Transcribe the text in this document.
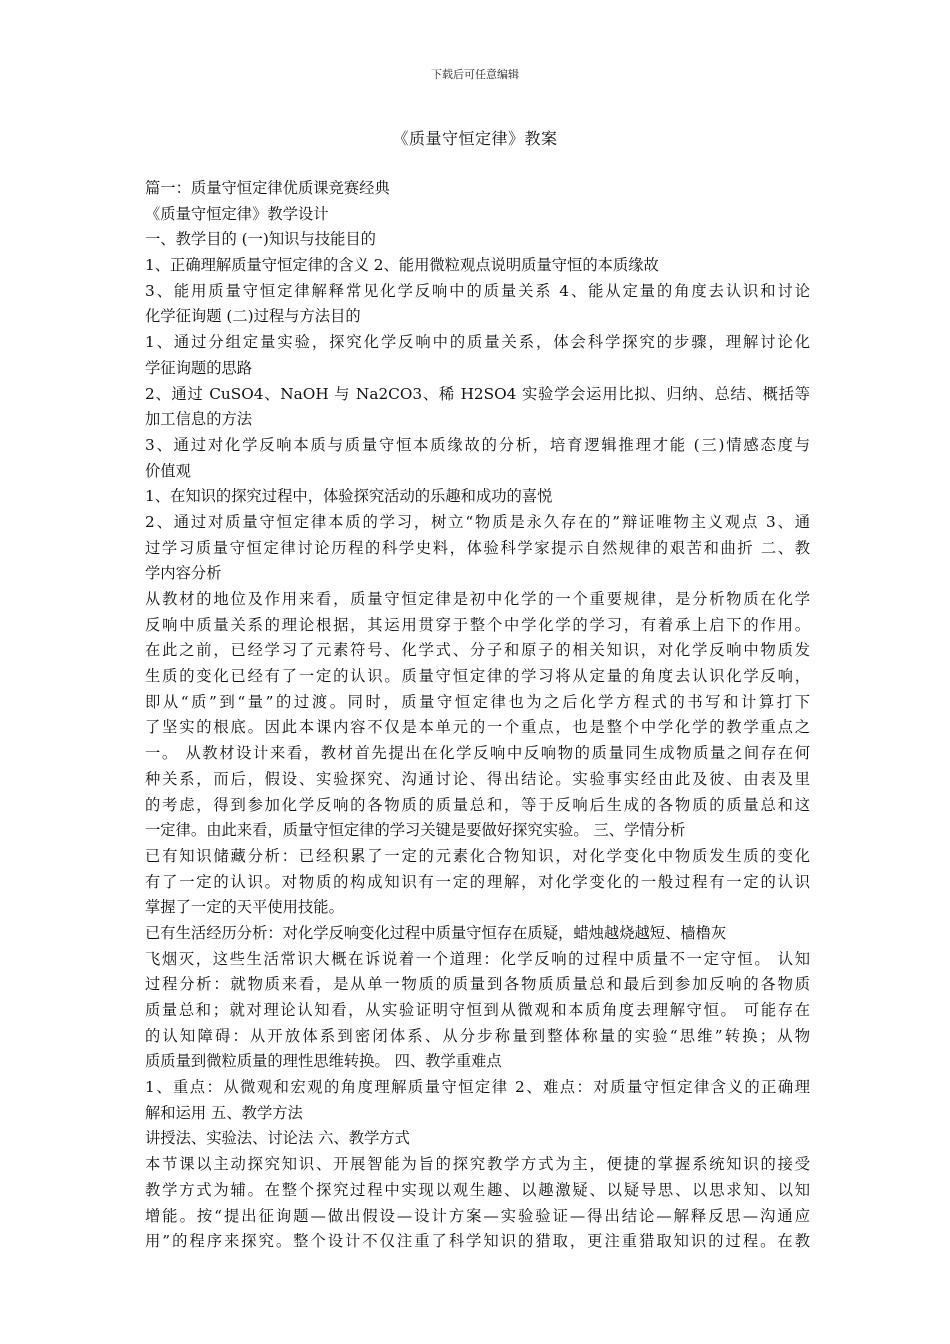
下载后可任意编辑
《质量守恒定律》教案
篇一：质量守恒定律优质课竞赛经典
《质量守恒定律》教学设计
一、教学目的 (一)知识与技能目的
1、正确理解质量守恒定律的含义 2、能用微粒观点说明质量守恒的本质缘故
3、能用质量守恒定律解释常见化学反响中的质量关系 4、能从定量的角度去认识和讨论
化学征询题 (二)过程与方法目的
1、通过分组定量实验，探究化学反响中的质量关系，体会科学探究的步骤，理解讨论化
学征询题的思路
2、通过 CuSO4、NaOH 与 Na2CO3、稀 H2SO4 实验学会运用比拟、归纳、总结、概括等
加工信息的方法
3、通过对化学反响本质与质量守恒本质缘故的分析，培育逻辑推理才能 (三)情感态度与
价值观
1、在知识的探究过程中，体验探究活动的乐趣和成功的喜悦
2、通过对质量守恒定律本质的学习，树立“物质是永久存在的”辩证唯物主义观点 3、通
过学习质量守恒定律讨论历程的科学史料，体验科学家提示自然规律的艰苦和曲折 二、教
学内容分析
从教材的地位及作用来看，质量守恒定律是初中化学的一个重要规律，是分析物质在化学
反响中质量关系的理论根据，其运用贯穿于整个中学化学的学习，有着承上启下的作用。
在此之前，已经学习了元素符号、化学式、分子和原子的相关知识，对化学反响中物质发
生质的变化已经有了一定的认识。质量守恒定律的学习将从定量的角度去认识化学反响，
即从“质”到“量”的过渡。同时，质量守恒定律也为之后化学方程式的书写和计算打下
了坚实的根底。因此本课内容不仅是本单元的一个重点，也是整个中学化学的教学重点之
一。 从教材设计来看，教材首先提出在化学反响中反响物的质量同生成物质量之间存在何
种关系，而后，假设、实验探究、沟通讨论、得出结论。实验事实经由此及彼、由表及里
的考虑，得到参加化学反响的各物质的质量总和，等于反响后生成的各物质的质量总和这
一定律。由此来看，质量守恒定律的学习关键是要做好探究实验。 三、学情分析
已有知识储藏分析：已经积累了一定的元素化合物知识，对化学变化中物质发生质的变化
有了一定的认识。对物质的构成知识有一定的理解，对化学变化的一般过程有一定的认识
掌握了一定的天平使用技能。
已有生活经历分析：对化学反响变化过程中质量守恒存在质疑，蜡烛越烧越短、樯橹灰
飞烟灭，这些生活常识大概在诉说着一个道理：化学反响的过程中质量不一定守恒。 认知
过程分析：就物质来看，是从单一物质的质量到各物质质量总和最后到参加反响的各物质
质量总和；就对理论认知看，从实验证明守恒到从微观和本质角度去理解守恒。 可能存在
的认知障碍：从开放体系到密闭体系、从分步称量到整体称量的实验“思维”转换；从物
质质量到微粒质量的理性思维转换。 四、教学重难点
1、重点：从微观和宏观的角度理解质量守恒定律 2、难点：对质量守恒定律含义的正确理
解和运用 五、教学方法
讲授法、实验法、讨论法 六、教学方式
本节课以主动探究知识、开展智能为旨的探究教学方式为主，便捷的掌握系统知识的接受
教学方式为辅。在整个探究过程中实现以观生趣、以趣激疑、以疑导思、以思求知、以知
增能。按“提出征询题—做出假设—设计方案—实验验证—得出结论—解释反思—沟通应
用”的程序来探究。整个设计不仅注重了科学知识的猎取，更注重猎取知识的过程。在教
